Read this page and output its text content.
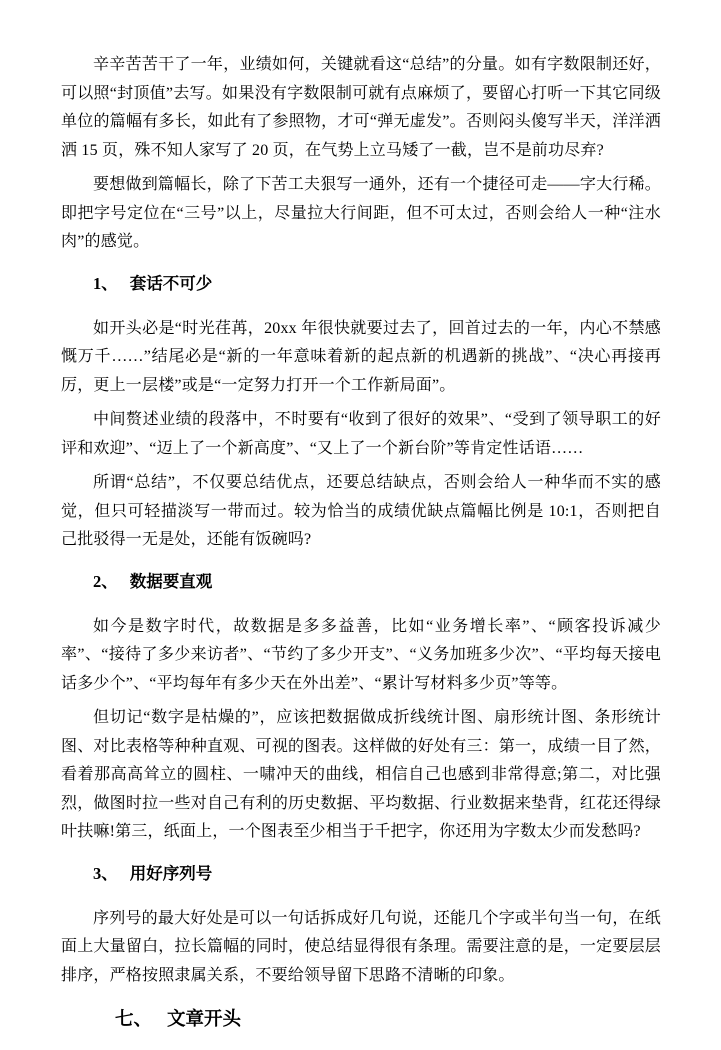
辛辛苦苦干了一年，业绩如何，关键就看这“总结”的分量。如有字数限制还好，可以照“封顶值”去写。如果没有字数限制可就有点麻烦了，要留心打听一下其它同级单位的篇幅有多长，如此有了参照物，才可“弹无虚发”。否则闷头傻写半天，洋洋洒洒 15 页，殊不知人家写了 20 页，在气势上立马矮了一截，岂不是前功尽弃?

要想做到篇幅长，除了下苦工夫狠写一通外，还有一个捷径可走——字大行稀。即把字号定位在“三号”以上，尽量拉大行间距，但不可太过，否则会给人一种“注水肉”的感觉。

1、 套话不可少

如开头必是“时光荏苒，20xx 年很快就要过去了，回首过去的一年，内心不禁感慨万千……”结尾必是“新的一年意味着新的起点新的机遇新的挑战”、“决心再接再厉，更上一层楼”或是“一定努力打开一个工作新局面”。

中间赘述业绩的段落中，不时要有“收到了很好的效果”、“受到了领导职工的好评和欢迎”、“迈上了一个新高度”、“又上了一个新台阶”等肯定性话语……

所谓“总结”，不仅要总结优点，还要总结缺点，否则会给人一种华而不实的感觉，但只可轻描淡写一带而过。较为恰当的成绩优缺点篇幅比例是 10:1，否则把自己批驳得一无是处，还能有饭碗吗?

2、 数据要直观

如今是数字时代，故数据是多多益善，比如“业务增长率”、“顾客投诉减少率”、“接待了多少来访者”、“节约了多少开支”、“义务加班多少次”、“平均每天接电话多少个”、“平均每年有多少天在外出差”、“累计写材料多少页”等等。

但切记“数字是枯燥的”，应该把数据做成折线统计图、扇形统计图、条形统计图、对比表格等种种直观、可视的图表。这样做的好处有三：第一，成绩一目了然，看着那高高耸立的圆柱、一啸冲天的曲线，相信自己也感到非常得意;第二，对比强烈，做图时拉一些对自己有利的历史数据、平均数据、行业数据来垫背，红花还得绿叶扶嘛!第三，纸面上，一个图表至少相当于千把字，你还用为字数太少而发愁吗?

3、 用好序列号

序列号的最大好处是可以一句话拆成好几句说，还能几个字或半句当一句，在纸面上大量留白，拉长篇幅的同时，使总结显得很有条理。需要注意的是，一定要层层排序，严格按照隶属关系，不要给领导留下思路不清晰的印象。

七、 文章开头
